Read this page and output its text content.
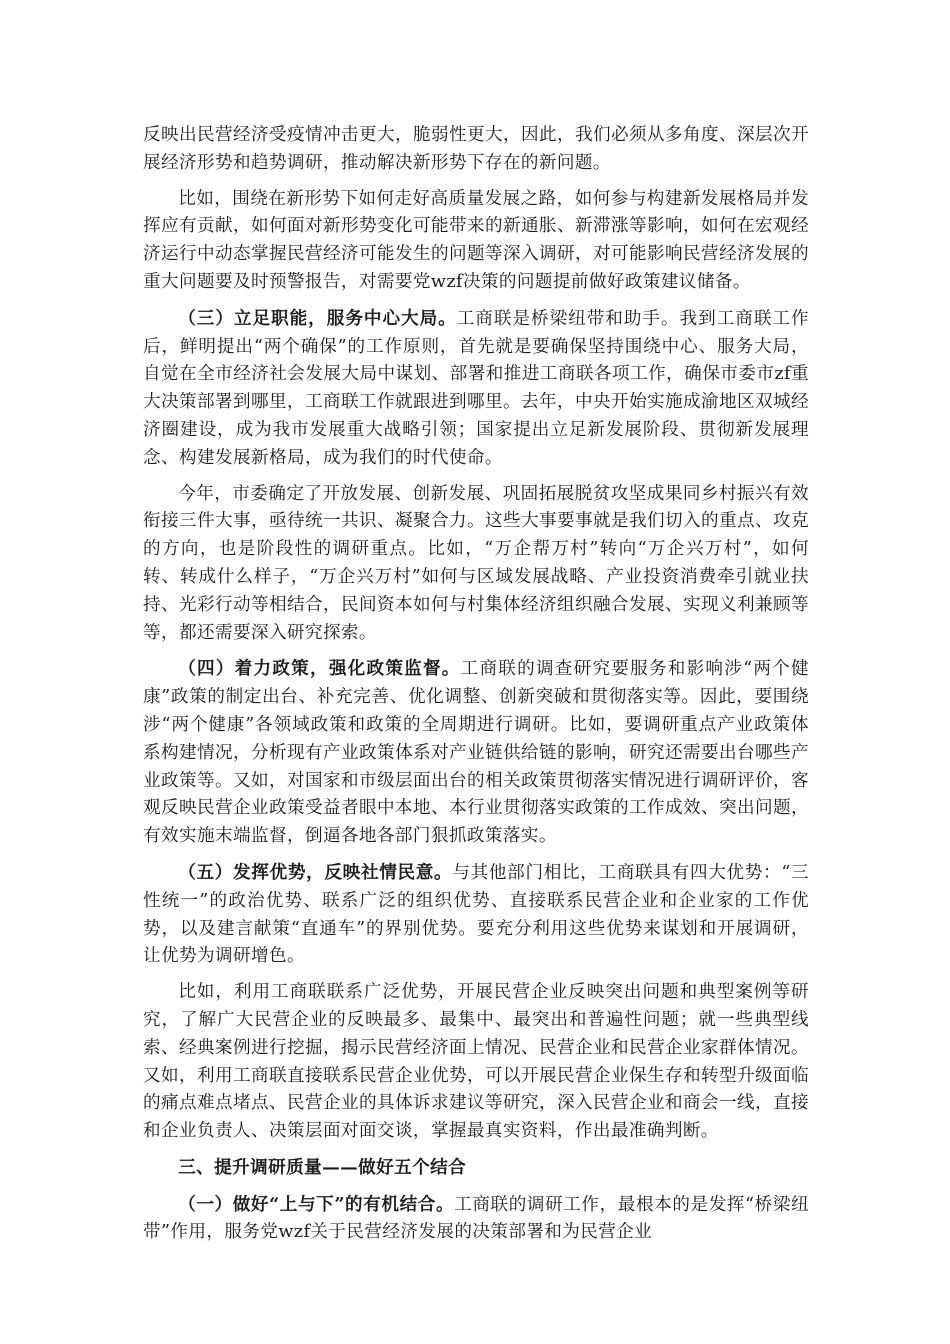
反映出民营经济受疫情冲击更大，脆弱性更大，因此，我们必须从多角度、深层次开展经济形势和趋势调研，推动解决新形势下存在的新问题。

比如，围绕在新形势下如何走好高质量发展之路，如何参与构建新发展格局并发挥应有贡献，如何面对新形势变化可能带来的新通胀、新滞涨等影响，如何在宏观经济运行中动态掌握民营经济可能发生的问题等深入调研，对可能影响民营经济发展的重大问题要及时预警报告，对需要党wzf决策的问题提前做好政策建议储备。

（三）立足职能，服务中心大局。工商联是桥梁纽带和助手。我到工商联工作后，鲜明提出“两个确保”的工作原则，首先就是要确保坚持围绕中心、服务大局，自觉在全市经济社会发展大局中谋划、部署和推进工商联各项工作，确保市委市zf重大决策部署到哪里，工商联工作就跟进到哪里。去年，中央开始实施成渝地区双城经济圈建设，成为我市发展重大战略引领；国家提出立足新发展阶段、贯彻新发展理念、构建发展新格局，成为我们的时代使命。

今年，市委确定了开放发展、创新发展、巩固拓展脱贫攻坚成果同乡村振兴有效衔接三件大事，亟待统一共识、凝聚合力。这些大事要事就是我们切入的重点、攻克的方向，也是阶段性的调研重点。比如，“万企帮万村”转向“万企兴万村”，如何转、转成什么样子，“万企兴万村”如何与区域发展战略、产业投资消费牵引就业扶持、光彩行动等相结合，民间资本如何与村集体经济组织融合发展、实现义利兼顾等等，都还需要深入研究探索。

（四）着力政策，强化政策监督。工商联的调查研究要服务和影响涉“两个健康”政策的制定出台、补充完善、优化调整、创新突破和贯彻落实等。因此，要围绕涉“两个健康”各领域政策和政策的全周期进行调研。比如，要调研重点产业政策体系构建情况，分析现有产业政策体系对产业链供给链的影响，研究还需要出台哪些产业政策等。又如，对国家和市级层面出台的相关政策贯彻落实情况进行调研评价，客观反映民营企业政策受益者眼中本地、本行业贯彻落实政策的工作成效、突出问题，有效实施末端监督，倒逼各地各部门狠抓政策落实。

（五）发挥优势，反映社情民意。与其他部门相比，工商联具有四大优势：“三性统一”的政治优势、联系广泛的组织优势、直接联系民营企业和企业家的工作优势，以及建言献策“直通车”的界别优势。要充分利用这些优势来谋划和开展调研，让优势为调研增色。

比如，利用工商联联系广泛优势，开展民营企业反映突出问题和典型案例等研究，了解广大民营企业的反映最多、最集中、最突出和普遍性问题；就一些典型线索、经典案例进行挖掘，揭示民营经济面上情况、民营企业和民营企业家群体情况。又如，利用工商联直接联系民营企业优势，可以开展民营企业保生存和转型升级面临的痛点难点堵点、民营企业的具体诉求建议等研究，深入民营企业和商会一线，直接和企业负责人、决策层面对面交谈，掌握最真实资料，作出最准确判断。

三、提升调研质量——做好五个结合

（一）做好“上与下”的有机结合。工商联的调研工作，最根本的是发挥“桥梁纽带”作用，服务党wzf关于民营经济发展的决策部署和为民营企业
